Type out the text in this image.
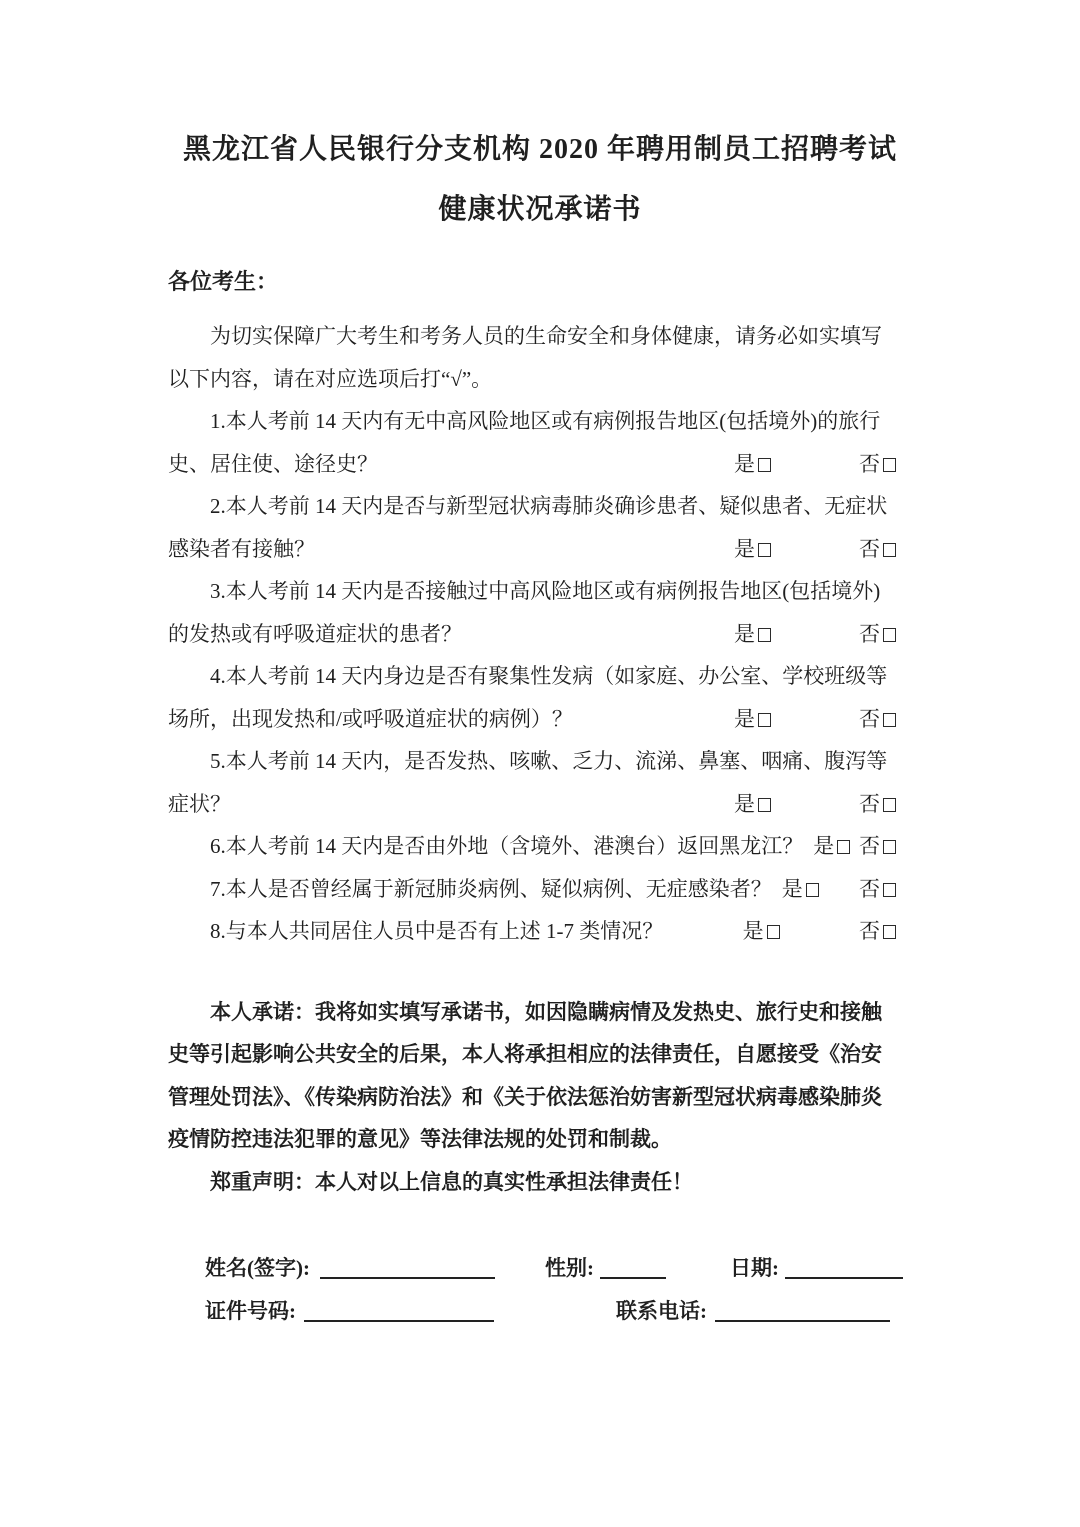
黑龙江省人民银行分支机构 2020 年聘用制员工招聘考试
健康状况承诺书
各位考生：
为切实保障广大考生和考务人员的生命安全和身体健康，请务必如实填写
以下内容，请在对应选项后打“√”。
1.本人考前 14 天内有无中高风险地区或有病例报告地区(包括境外)的旅行
史、居住使、途径史？	是	否
2.本人考前 14 天内是否与新型冠状病毒肺炎确诊患者、疑似患者、无症状
感染者有接触？	是	否
3.本人考前 14 天内是否接触过中高风险地区或有病例报告地区(包括境外)
的发热或有呼吸道症状的患者？	是	否
4.本人考前 14 天内身边是否有聚集性发病（如家庭、办公室、学校班级等
场所，出现发热和/或呼吸道症状的病例）？	是	否
5.本人考前 14 天内，是否发热、咳嗽、乏力、流涕、鼻塞、咽痛、腹泻等
症状？	是	否
6.本人考前 14 天内是否由外地（含境外、港澳台）返回黑龙江？ 是	否
7.本人是否曾经属于新冠肺炎病例、疑似病例、无症感染者？ 是	否
8.与本人共同居住人员中是否有上述 1-7 类情况？	是	否
本人承诺：我将如实填写承诺书，如因隐瞒病情及发热史、旅行史和接触
史等引起影响公共安全的后果，本人将承担相应的法律责任，自愿接受《治安
管理处罚法》、《传染病防治法》和《关于依法惩治妨害新型冠状病毒感染肺炎
疫情防控违法犯罪的意见》等法律法规的处罚和制裁。
郑重声明：本人对以上信息的真实性承担法律责任！
姓名(签字):	性别:	日期:
证件号码:	联系电话:
